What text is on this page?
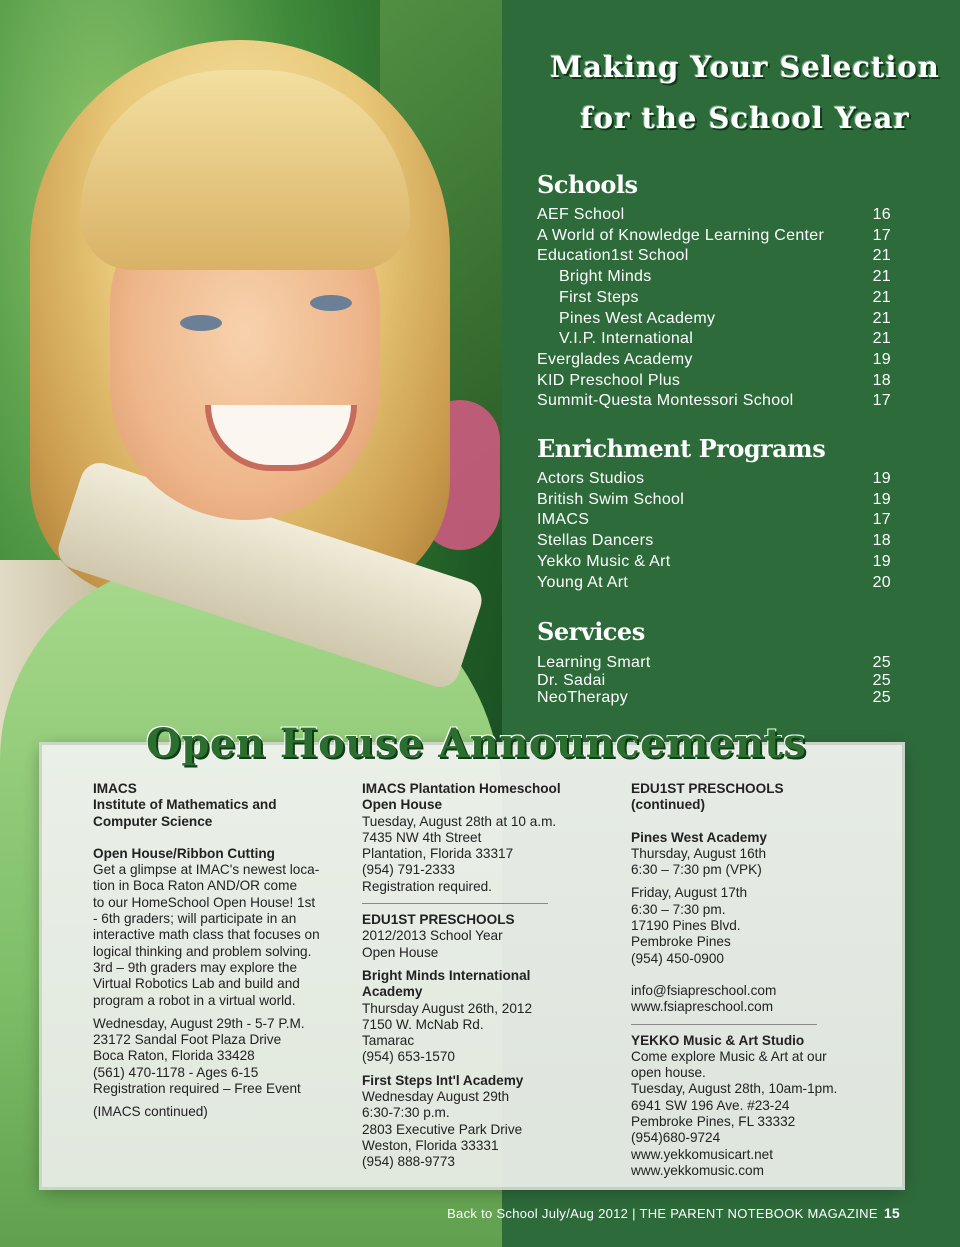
Making Your Selection
for the School Year
Schools
AEF School	16
A World of Knowledge Learning Center	17
Education1st School	21
Bright Minds	21
First Steps	21
Pines West Academy	21
V.I.P. International	21
Everglades Academy	19
KID Preschool Plus	18
Summit-Questa Montessori School	17
Enrichment Programs
Actors Studios	19
British Swim School	19
IMACS	17
Stellas Dancers	18
Yekko Music & Art	19
Young At Art	20
Services
Learning Smart	25
Dr. Sadai	25
NeoTherapy	25
Open House Announcements

IMACS

Institute of Mathematics and

Computer Science

Open House/Ribbon Cutting

Get a glimpse at IMAC's newest loca-

tion in Boca Raton AND/OR come

to our HomeSchool Open House! 1st

- 6th graders; will participate in an

interactive math class that focuses on

logical thinking and problem solving.

3rd – 9th graders may explore the

Virtual Robotics Lab and build and

program a robot in a virtual world.

Wednesday, August 29th - 5-7 P.M.

23172 Sandal Foot Plaza Drive

Boca Raton, Florida 33428

(561) 470-1178 - Ages 6-15

Registration required – Free Event

(IMACS continued)

IMACS Plantation Homeschool

Open House

Tuesday, August 28th at 10 a.m.

7435 NW 4th Street

Plantation, Florida 33317

(954) 791-2333

Registration required.

EDU1ST PRESCHOOLS

2012/2013 School Year

Open House

Bright Minds International

Academy

Thursday August 26th, 2012

7150 W. McNab Rd.

Tamarac

(954) 653-1570

First Steps Int'l Academy

Wednesday August 29th

6:30-7:30 p.m.

2803 Executive Park Drive

Weston, Florida 33331

(954) 888-9773

EDU1ST PRESCHOOLS

(continued)

Pines West Academy

Thursday, August 16th

6:30 – 7:30 pm (VPK)

Friday, August 17th

6:30 – 7:30 pm.

17190 Pines Blvd.

Pembroke Pines

(954) 450-0900

info@fsiapreschool.com

www.fsiapreschool.com

YEKKO Music & Art Studio

Come explore Music & Art at our

open house.

Tuesday, August 28th, 10am-1pm.

6941 SW 196 Ave. #23-24

Pembroke Pines, FL 33332

(954)680-9724

www.yekkomusicart.net

www.yekkomusic.com

Back to School July/Aug 2012 | THE PARENT NOTEBOOK MAGAZINE 15
